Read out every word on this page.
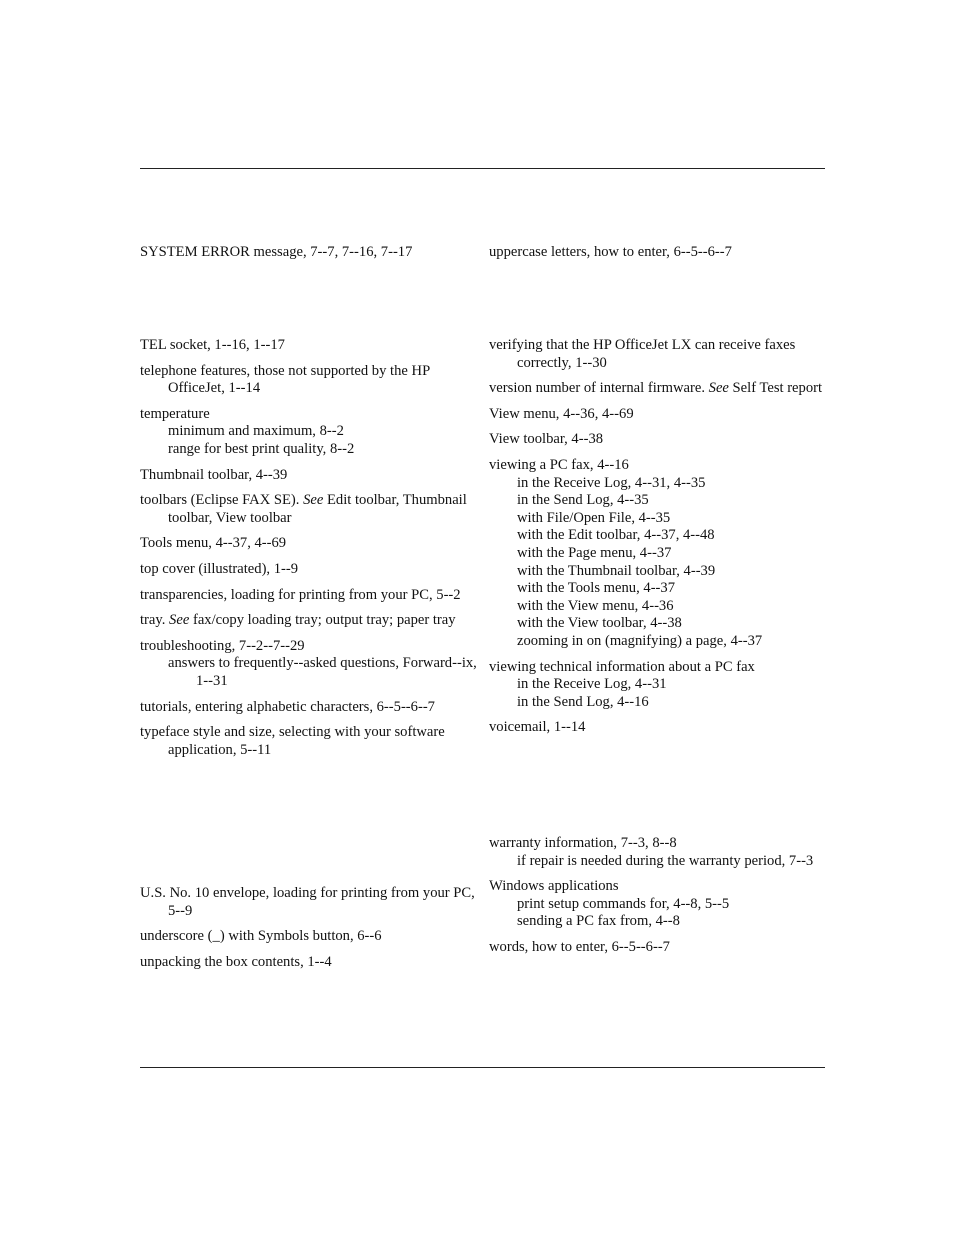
SYSTEM ERROR message, 7--7, 7--16, 7--17
TEL socket, 1--16, 1--17
telephone features, those not supported by the HP OfficeJet, 1--14
temperature
minimum and maximum, 8--2
range for best print quality, 8--2
Thumbnail toolbar, 4--39
toolbars (Eclipse FAX SE). See Edit toolbar, Thumbnail toolbar, View toolbar
Tools menu, 4--37, 4--69
top cover (illustrated), 1--9
transparencies, loading for printing from your PC, 5--2
tray. See fax/copy loading tray; output tray; paper tray
troubleshooting, 7--2--7--29
answers to frequently--asked questions, Forward--ix, 1--31
tutorials, entering alphabetic characters, 6--5--6--7
typeface style and size, selecting with your software application, 5--11
U.S. No. 10 envelope, loading for printing from your PC, 5--9
underscore (_) with Symbols button, 6--6
unpacking the box contents, 1--4
uppercase letters, how to enter, 6--5--6--7
verifying that the HP OfficeJet LX can receive faxes correctly, 1--30
version number of internal firmware. See Self Test report
View menu, 4--36, 4--69
View toolbar, 4--38
viewing a PC fax, 4--16
in the Receive Log, 4--31, 4--35
in the Send Log, 4--35
with File/Open File, 4--35
with the Edit toolbar, 4--37, 4--48
with the Page menu, 4--37
with the Thumbnail toolbar, 4--39
with the Tools menu, 4--37
with the View menu, 4--36
with the View toolbar, 4--38
zooming in on (magnifying) a page, 4--37
viewing technical information about a PC fax
in the Receive Log, 4--31
in the Send Log, 4--16
voicemail, 1--14
warranty information, 7--3, 8--8
if repair is needed during the warranty period, 7--3
Windows applications
print setup commands for, 4--8, 5--5
sending a PC fax from, 4--8
words, how to enter, 6--5--6--7
